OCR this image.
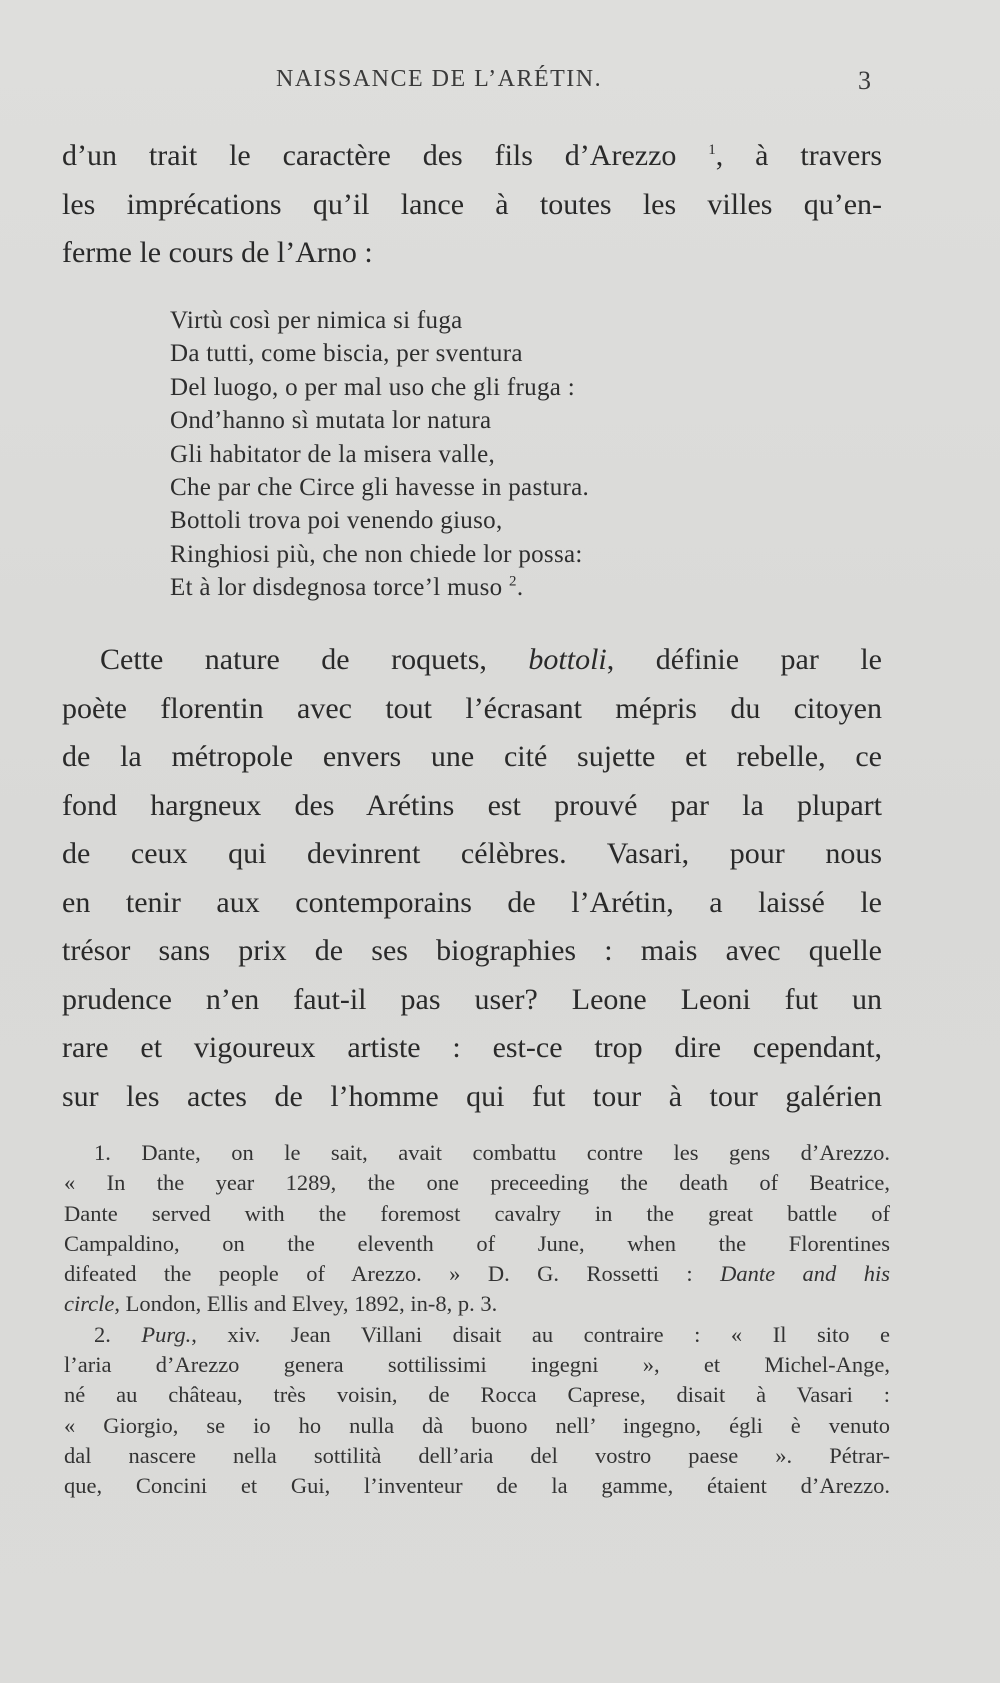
NAISSANCE DE L’ARÉTIN.	3
d’un trait le caractère des fils d’Arezzo $^1$, à travers
les imprécations qu’il lance à toutes les villes qu’en-
ferme le cours de l’Arno :
Virtù così per nimica si fuga
Da tutti, come biscia, per sventura
Del luogo, o per mal uso che gli fruga :
Ond’hanno sì mutata lor natura
Gli habitator de la misera valle,
Che par che Circe gli havesse in pastura.
Bottoli trova poi venendo giuso,
Ringhiosi più, che non chiede lor possa:
Et à lor disdegnosa torce’l muso $^2$.
Cette nature de roquets, bottoli, définie par le
poète florentin avec tout l’écrasant mépris du citoyen
de la métropole envers une cité sujette et rebelle, ce
fond hargneux des Arétins est prouvé par la plupart
de ceux qui devinrent célèbres. Vasari, pour nous
en tenir aux contemporains de l’Arétin, a laissé le
trésor sans prix de ses biographies : mais avec quelle
prudence n’en faut-il pas user? Leone Leoni fut un
rare et vigoureux artiste : est-ce trop dire cependant,
sur les actes de l’homme qui fut tour à tour galérien
1. Dante, on le sait, avait combattu contre les gens d’Arezzo.
« In the year 1289, the one preceeding the death of Beatrice,
Dante served with the foremost cavalry in the great battle of
Campaldino, on the eleventh of June, when the Florentines
difeated the people of Arezzo. » D. G. Rossetti : Dante and his
circle, London, Ellis and Elvey, 1892, in-8, p. 3.
2. Purg., xiv. Jean Villani disait au contraire : « Il sito e
l’aria d’Arezzo genera sottilissimi ingegni », et Michel-Ange,
né au château, très voisin, de Rocca Caprese, disait à Vasari :
« Giorgio, se io ho nulla dà buono nell’ ingegno, égli è venuto
dal nascere nella sottilità dell’aria del vostro paese ». Pétrar-
que, Concini et Gui, l’inventeur de la gamme, étaient d’Arezzo.
